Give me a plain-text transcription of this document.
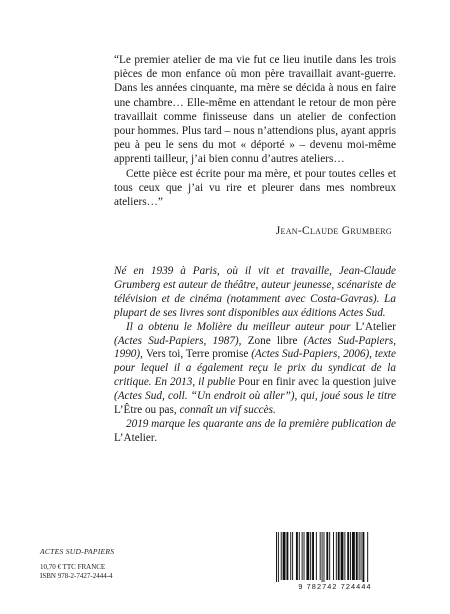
“Le premier atelier de ma vie fut ce lieu inutile dans les trois pièces de mon enfance où mon père travaillait avant-guerre. Dans les années cinquante, ma mère se décida à nous en faire une chambre… Elle-même en attendant le retour de mon père travaillait comme finisseuse dans un atelier de confection pour hommes. Plus tard – nous n’attendions plus, ayant appris peu à peu le sens du mot « déporté » – devenu moi-même apprenti tailleur, j’ai bien connu d’autres ateliers…

Cette pièce est écrite pour ma mère, et pour toutes celles et tous ceux que j’ai vu rire et pleurer dans mes nombreux ateliers…”

Jean-Claude Grumberg

Né en 1939 à Paris, où il vit et travaille, Jean-Claude Grumberg est auteur de théâtre, auteur jeunesse, scénariste de télévision et de cinéma (notamment avec Costa-Gavras). La plupart de ses livres sont disponibles aux éditions Actes Sud.

Il a obtenu le Molière du meilleur auteur pour L’Atelier (Actes Sud-Papiers, 1987), Zone libre (Actes Sud-Papiers, 1990), Vers toi, Terre promise (Actes Sud-Papiers, 2006), texte pour lequel il a également reçu le prix du syndicat de la critique. En 2013, il publie Pour en finir avec la question juive (Actes Sud, coll. “Un endroit où aller”), qui, joué sous le titre L’Être ou pas, connaît un vif succès.

2019 marque les quarante ans de la première publication de L’Atelier.

ACTES SUD-PAPIERS
10,70 € TTC FRANCE
ISBN 978-2-7427-2444-4
9 782742 724444
